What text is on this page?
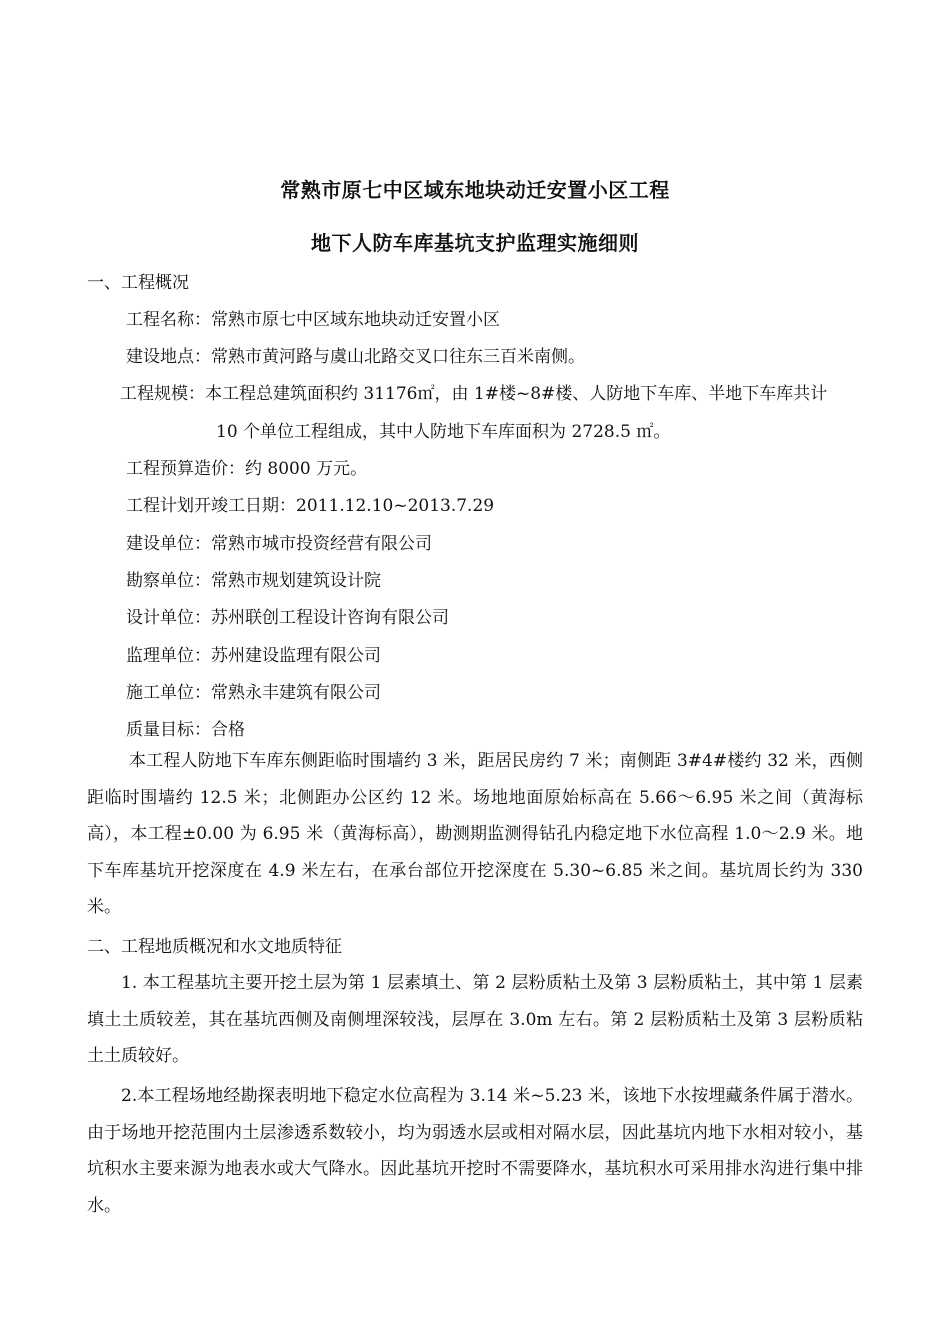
常熟市原七中区域东地块动迁安置小区工程
地下人防车库基坑支护监理实施细则
一、工程概况
工程名称：常熟市原七中区域东地块动迁安置小区
建设地点：常熟市黄河路与虞山北路交叉口往东三百米南侧。
工程规模：本工程总建筑面积约 31176㎡，由 1#楼~8#楼、人防地下车库、半地下车库共计
10 个单位工程组成，其中人防地下车库面积为 2728.5 ㎡。
工程预算造价：约 8000 万元。
工程计划开竣工日期：2011.12.10~2013.7.29
建设单位：常熟市城市投资经营有限公司
勘察单位：常熟市规划建筑设计院
设计单位：苏州联创工程设计咨询有限公司
监理单位：苏州建设监理有限公司
施工单位：常熟永丰建筑有限公司
质量目标：合格
本工程人防地下车库东侧距临时围墙约 3 米，距居民房约 7 米；南侧距 3#4#楼约 32 米，西侧距临时围墙约 12.5 米；北侧距办公区约 12 米。场地地面原始标高在 5.66～6.95 米之间（黄海标高），本工程±0.00 为 6.95 米（黄海标高），勘测期监测得钻孔内稳定地下水位高程 1.0～2.9 米。地下车库基坑开挖深度在 4.9 米左右，在承台部位开挖深度在 5.30~6.85 米之间。基坑周长约为 330 米。
二、工程地质概况和水文地质特征
1. 本工程基坑主要开挖土层为第 1 层素填土、第 2 层粉质粘土及第 3 层粉质粘土，其中第 1 层素填土土质较差，其在基坑西侧及南侧埋深较浅，层厚在 3.0m 左右。第 2 层粉质粘土及第 3 层粉质粘土土质较好。
2.本工程场地经勘探表明地下稳定水位高程为 3.14 米~5.23 米，该地下水按埋藏条件属于潜水。由于场地开挖范围内土层渗透系数较小，均为弱透水层或相对隔水层，因此基坑内地下水相对较小，基坑积水主要来源为地表水或大气降水。因此基坑开挖时不需要降水，基坑积水可采用排水沟进行集中排水。
